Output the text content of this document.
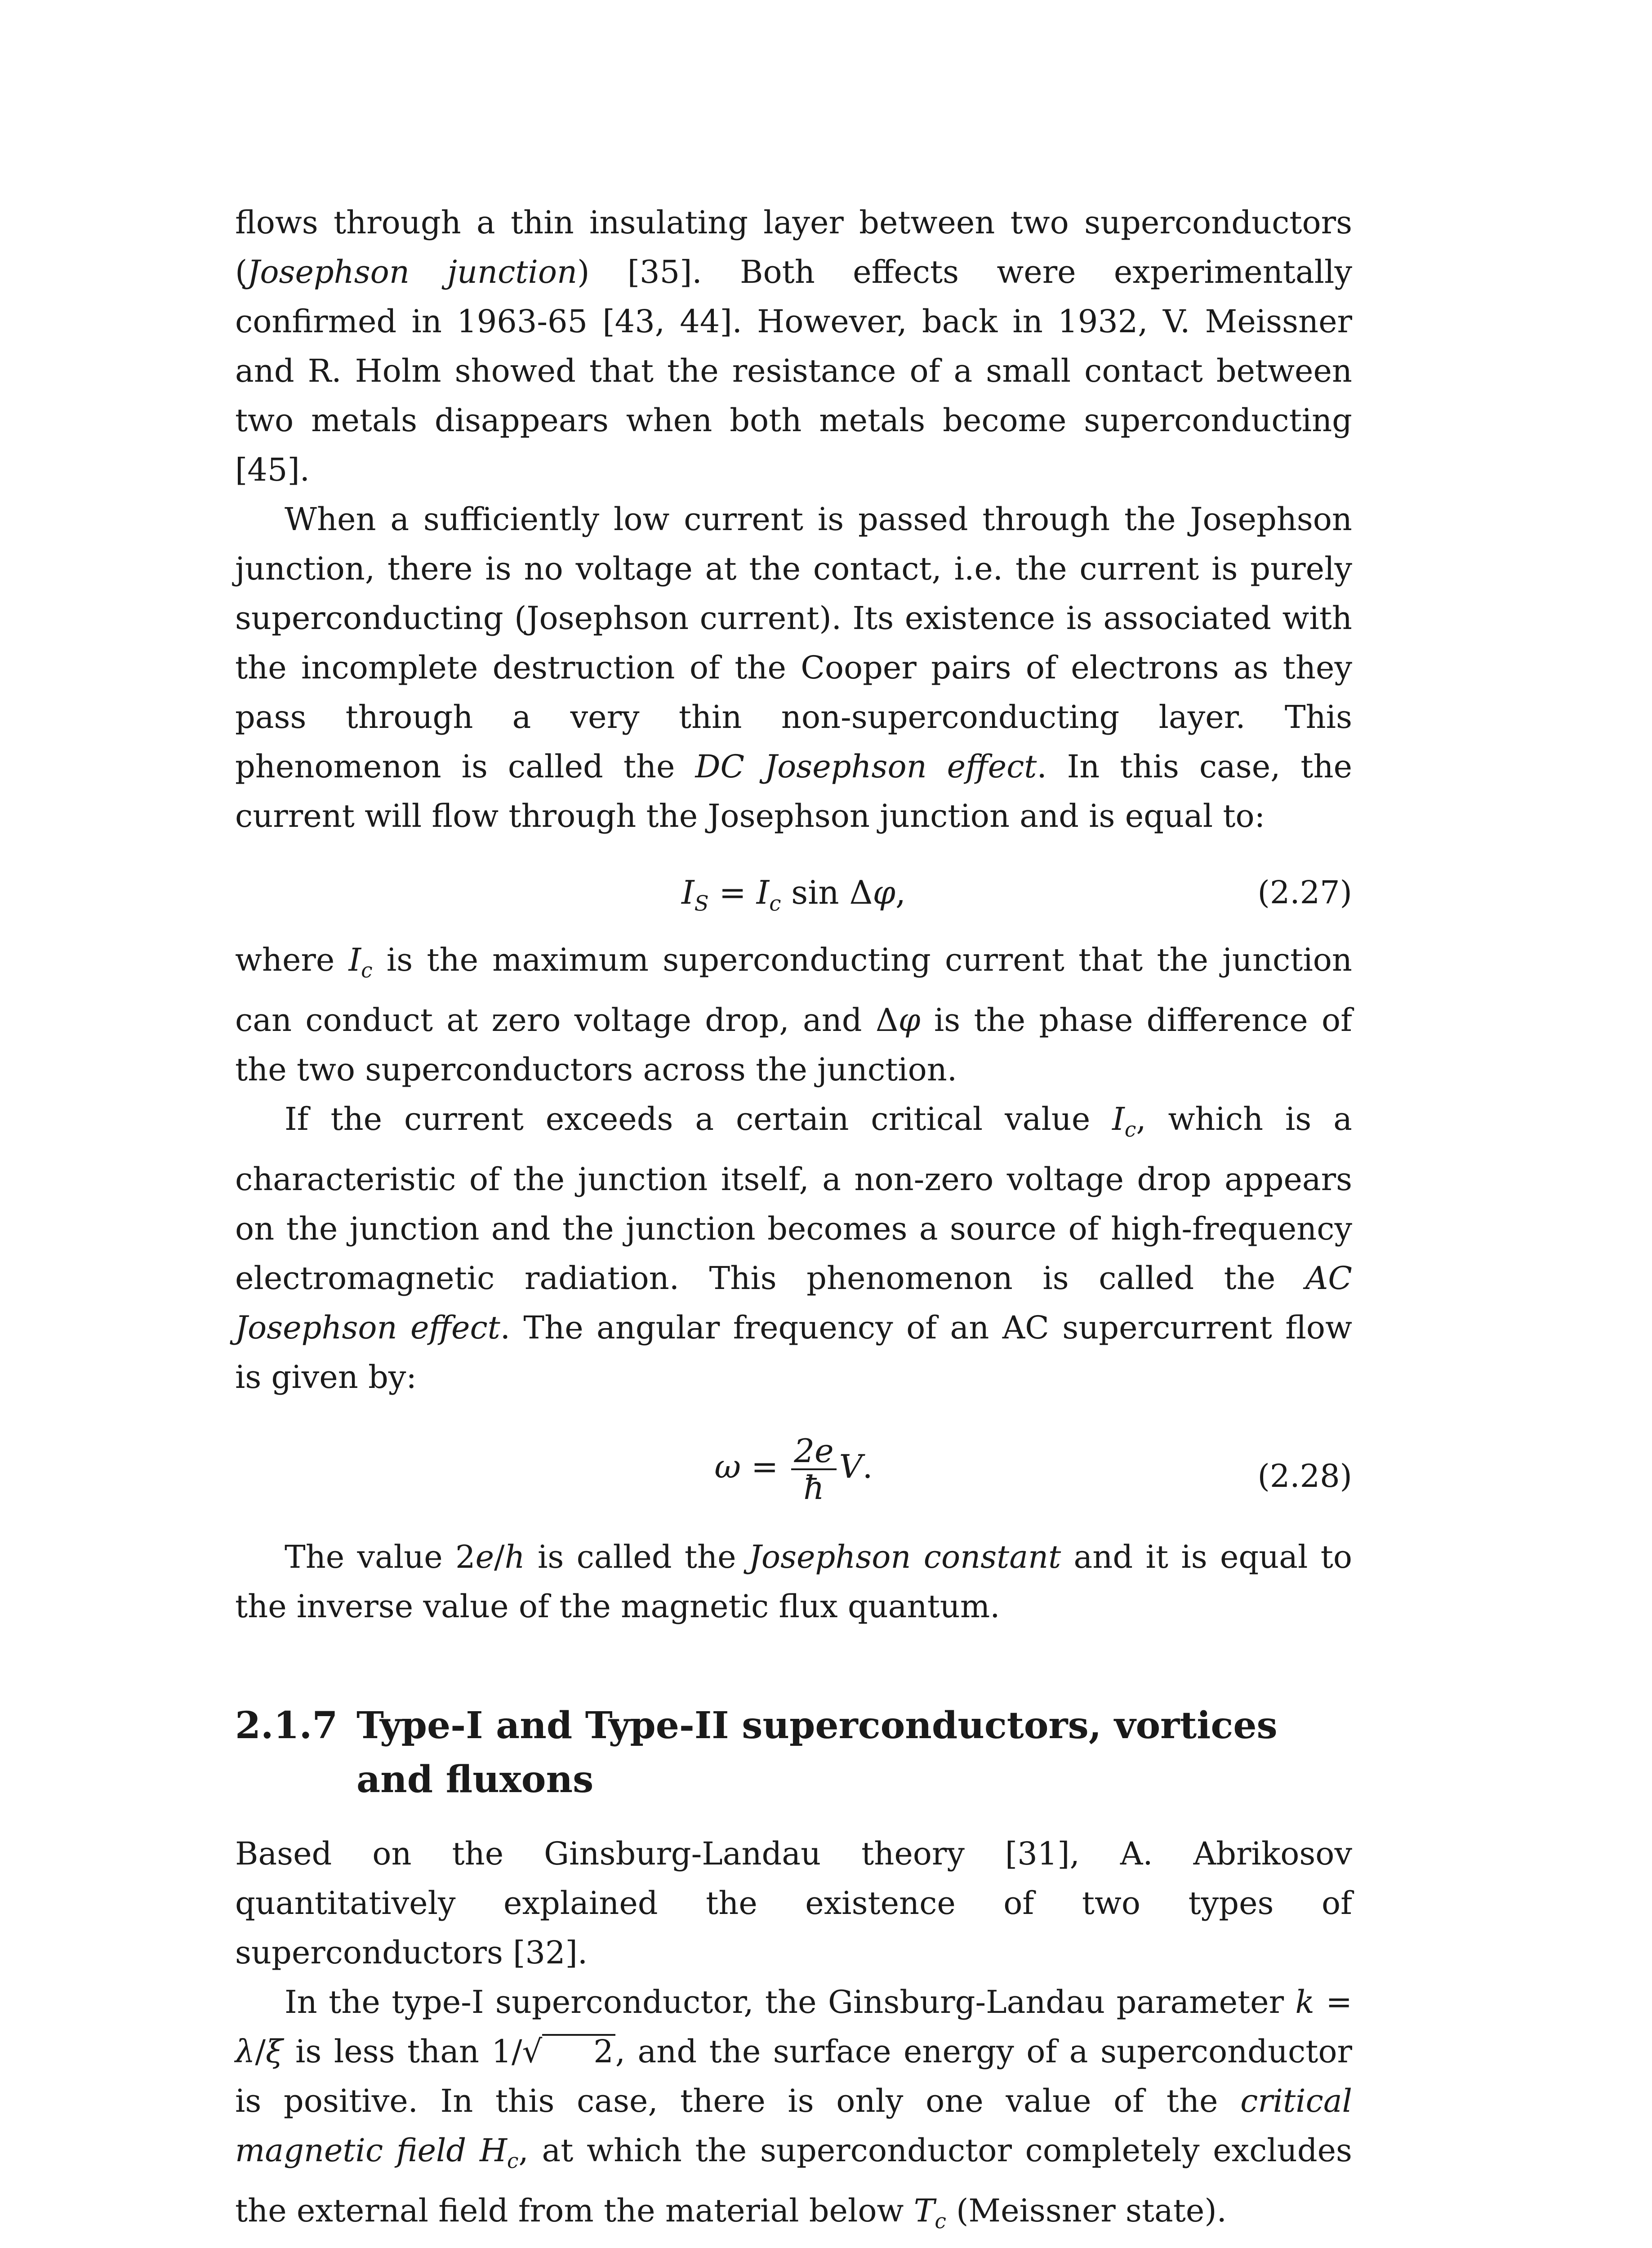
flows through a thin insulating layer between two superconductors (Josephson junction) [35]. Both effects were experimentally confirmed in 1963-65 [43, 44]. However, back in 1932, V. Meissner and R. Holm showed that the resistance of a small contact between two metals disappears when both metals become superconducting [45].

When a sufficiently low current is passed through the Josephson junction, there is no voltage at the contact, i.e. the current is purely superconducting (Josephson current). Its existence is associated with the incomplete destruction of the Cooper pairs of electrons as they pass through a very thin non-superconducting layer. This phenomenon is called the DC Josephson effect. In this case, the current will flow through the Josephson junction and is equal to:

$I_S = I_c$ sin Δφ,	(2.27)

where $I_c$ is the maximum superconducting current that the junction can conduct at zero voltage drop, and Δφ is the phase difference of the two superconductors across the junction.

If the current exceeds a certain critical value $I_c$, which is a characteristic of the junction itself, a non-zero voltage drop appears on the junction and the junction becomes a source of high-frequency electromagnetic radiation. This phenomenon is called the AC Josephson effect. The angular frequency of an AC supercurrent flow is given by:

$\omega = \frac{2e}{ħ} V$.	(2.28)

The value 2e/h is called the Josephson constant and it is equal to the inverse value of the magnetic flux quantum.

2.1.7 Type-I and Type-II superconductors, vortices and fluxons

Based on the Ginsburg-Landau theory [31], A. Abrikosov quantitatively explained the existence of two types of superconductors [32].

In the type-I superconductor, the Ginsburg-Landau parameter k = λ/ξ is less than 1/√ 2, and the surface energy of a superconductor is positive. In this case, there is only one value of the critical magnetic field $H_c$, at which the superconductor completely excludes the external field from the material below $T_c$ (Meissner state).
